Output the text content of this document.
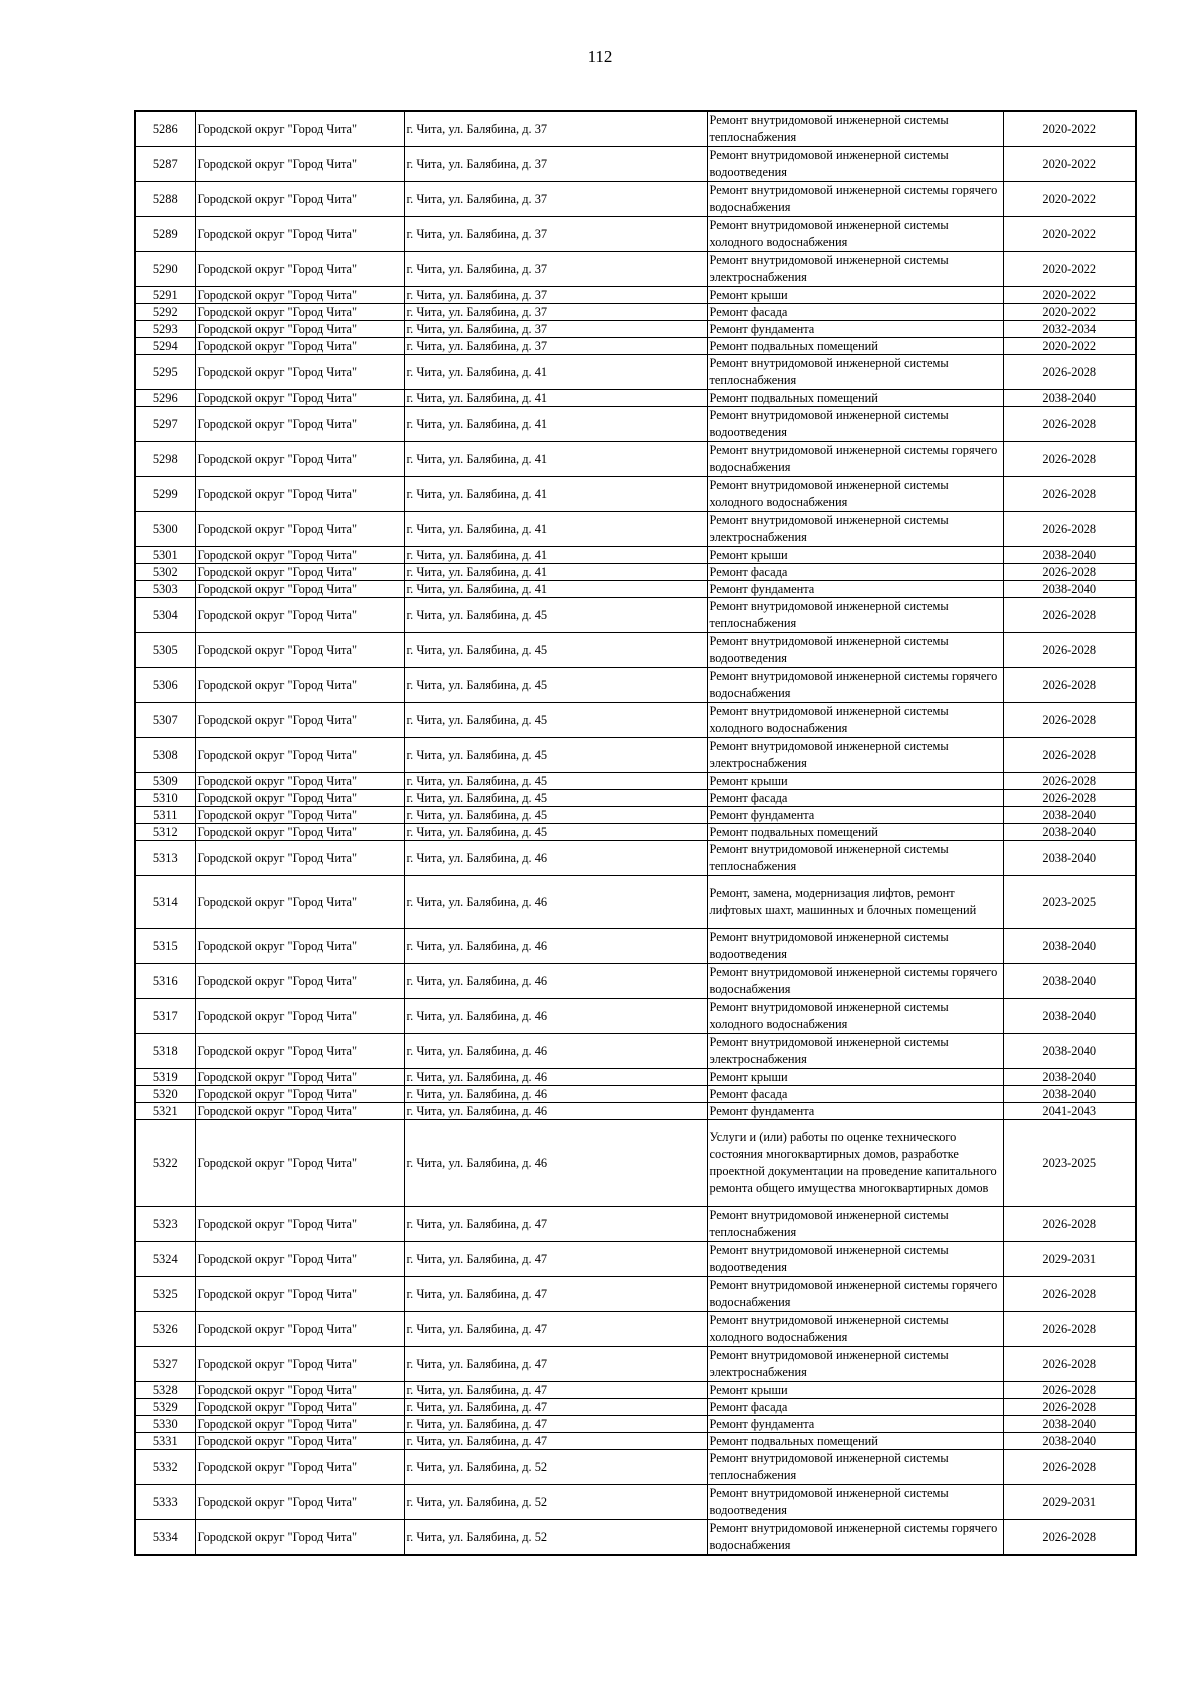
112
5286	Городской округ "Город Чита"	г. Чита, ул. Балябина, д. 37	Ремонт внутридомовой инженерной системы теплоснабжения	2020-2022
5287	Городской округ "Город Чита"	г. Чита, ул. Балябина, д. 37	Ремонт внутридомовой инженерной системы водоотведения	2020-2022
5288	Городской округ "Город Чита"	г. Чита, ул. Балябина, д. 37	Ремонт внутридомовой инженерной системы горячего водоснабжения	2020-2022
5289	Городской округ "Город Чита"	г. Чита, ул. Балябина, д. 37	Ремонт внутридомовой инженерной системы холодного водоснабжения	2020-2022
5290	Городской округ "Город Чита"	г. Чита, ул. Балябина, д. 37	Ремонт внутридомовой инженерной системы электроснабжения	2020-2022
5291	Городской округ "Город Чита"	г. Чита, ул. Балябина, д. 37	Ремонт крыши	2020-2022
5292	Городской округ "Город Чита"	г. Чита, ул. Балябина, д. 37	Ремонт фасада	2020-2022
5293	Городской округ "Город Чита"	г. Чита, ул. Балябина, д. 37	Ремонт фундамента	2032-2034
5294	Городской округ "Город Чита"	г. Чита, ул. Балябина, д. 37	Ремонт подвальных помещений	2020-2022
5295	Городской округ "Город Чита"	г. Чита, ул. Балябина, д. 41	Ремонт внутридомовой инженерной системы теплоснабжения	2026-2028
5296	Городской округ "Город Чита"	г. Чита, ул. Балябина, д. 41	Ремонт подвальных помещений	2038-2040
5297	Городской округ "Город Чита"	г. Чита, ул. Балябина, д. 41	Ремонт внутридомовой инженерной системы водоотведения	2026-2028
5298	Городской округ "Город Чита"	г. Чита, ул. Балябина, д. 41	Ремонт внутридомовой инженерной системы горячего водоснабжения	2026-2028
5299	Городской округ "Город Чита"	г. Чита, ул. Балябина, д. 41	Ремонт внутридомовой инженерной системы холодного водоснабжения	2026-2028
5300	Городской округ "Город Чита"	г. Чита, ул. Балябина, д. 41	Ремонт внутридомовой инженерной системы электроснабжения	2026-2028
5301	Городской округ "Город Чита"	г. Чита, ул. Балябина, д. 41	Ремонт крыши	2038-2040
5302	Городской округ "Город Чита"	г. Чита, ул. Балябина, д. 41	Ремонт фасада	2026-2028
5303	Городской округ "Город Чита"	г. Чита, ул. Балябина, д. 41	Ремонт фундамента	2038-2040
5304	Городской округ "Город Чита"	г. Чита, ул. Балябина, д. 45	Ремонт внутридомовой инженерной системы теплоснабжения	2026-2028
5305	Городской округ "Город Чита"	г. Чита, ул. Балябина, д. 45	Ремонт внутридомовой инженерной системы водоотведения	2026-2028
5306	Городской округ "Город Чита"	г. Чита, ул. Балябина, д. 45	Ремонт внутридомовой инженерной системы горячего водоснабжения	2026-2028
5307	Городской округ "Город Чита"	г. Чита, ул. Балябина, д. 45	Ремонт внутридомовой инженерной системы холодного водоснабжения	2026-2028
5308	Городской округ "Город Чита"	г. Чита, ул. Балябина, д. 45	Ремонт внутридомовой инженерной системы электроснабжения	2026-2028
5309	Городской округ "Город Чита"	г. Чита, ул. Балябина, д. 45	Ремонт крыши	2026-2028
5310	Городской округ "Город Чита"	г. Чита, ул. Балябина, д. 45	Ремонт фасада	2026-2028
5311	Городской округ "Город Чита"	г. Чита, ул. Балябина, д. 45	Ремонт фундамента	2038-2040
5312	Городской округ "Город Чита"	г. Чита, ул. Балябина, д. 45	Ремонт подвальных помещений	2038-2040
5313	Городской округ "Город Чита"	г. Чита, ул. Балябина, д. 46	Ремонт внутридомовой инженерной системы теплоснабжения	2038-2040
5314	Городской округ "Город Чита"	г. Чита, ул. Балябина, д. 46	Ремонт, замена, модернизация лифтов, ремонт лифтовых шахт, машинных и блочных помещений	2023-2025
5315	Городской округ "Город Чита"	г. Чита, ул. Балябина, д. 46	Ремонт внутридомовой инженерной системы водоотведения	2038-2040
5316	Городской округ "Город Чита"	г. Чита, ул. Балябина, д. 46	Ремонт внутридомовой инженерной системы горячего водоснабжения	2038-2040
5317	Городской округ "Город Чита"	г. Чита, ул. Балябина, д. 46	Ремонт внутридомовой инженерной системы холодного водоснабжения	2038-2040
5318	Городской округ "Город Чита"	г. Чита, ул. Балябина, д. 46	Ремонт внутридомовой инженерной системы электроснабжения	2038-2040
5319	Городской округ "Город Чита"	г. Чита, ул. Балябина, д. 46	Ремонт крыши	2038-2040
5320	Городской округ "Город Чита"	г. Чита, ул. Балябина, д. 46	Ремонт фасада	2038-2040
5321	Городской округ "Город Чита"	г. Чита, ул. Балябина, д. 46	Ремонт фундамента	2041-2043
5322	Городской округ "Город Чита"	г. Чита, ул. Балябина, д. 46	Услуги и (или) работы по оценке технического состояния многоквартирных домов, разработке проектной документации на проведение капитального ремонта общего имущества многоквартирных домов	2023-2025
5323	Городской округ "Город Чита"	г. Чита, ул. Балябина, д. 47	Ремонт внутридомовой инженерной системы теплоснабжения	2026-2028
5324	Городской округ "Город Чита"	г. Чита, ул. Балябина, д. 47	Ремонт внутридомовой инженерной системы водоотведения	2029-2031
5325	Городской округ "Город Чита"	г. Чита, ул. Балябина, д. 47	Ремонт внутридомовой инженерной системы горячего водоснабжения	2026-2028
5326	Городской округ "Город Чита"	г. Чита, ул. Балябина, д. 47	Ремонт внутридомовой инженерной системы холодного водоснабжения	2026-2028
5327	Городской округ "Город Чита"	г. Чита, ул. Балябина, д. 47	Ремонт внутридомовой инженерной системы электроснабжения	2026-2028
5328	Городской округ "Город Чита"	г. Чита, ул. Балябина, д. 47	Ремонт крыши	2026-2028
5329	Городской округ "Город Чита"	г. Чита, ул. Балябина, д. 47	Ремонт фасада	2026-2028
5330	Городской округ "Город Чита"	г. Чита, ул. Балябина, д. 47	Ремонт фундамента	2038-2040
5331	Городской округ "Город Чита"	г. Чита, ул. Балябина, д. 47	Ремонт подвальных помещений	2038-2040
5332	Городской округ "Город Чита"	г. Чита, ул. Балябина, д. 52	Ремонт внутридомовой инженерной системы теплоснабжения	2026-2028
5333	Городской округ "Город Чита"	г. Чита, ул. Балябина, д. 52	Ремонт внутридомовой инженерной системы водоотведения	2029-2031
5334	Городской округ "Город Чита"	г. Чита, ул. Балябина, д. 52	Ремонт внутридомовой инженерной системы горячего водоснабжения	2026-2028
